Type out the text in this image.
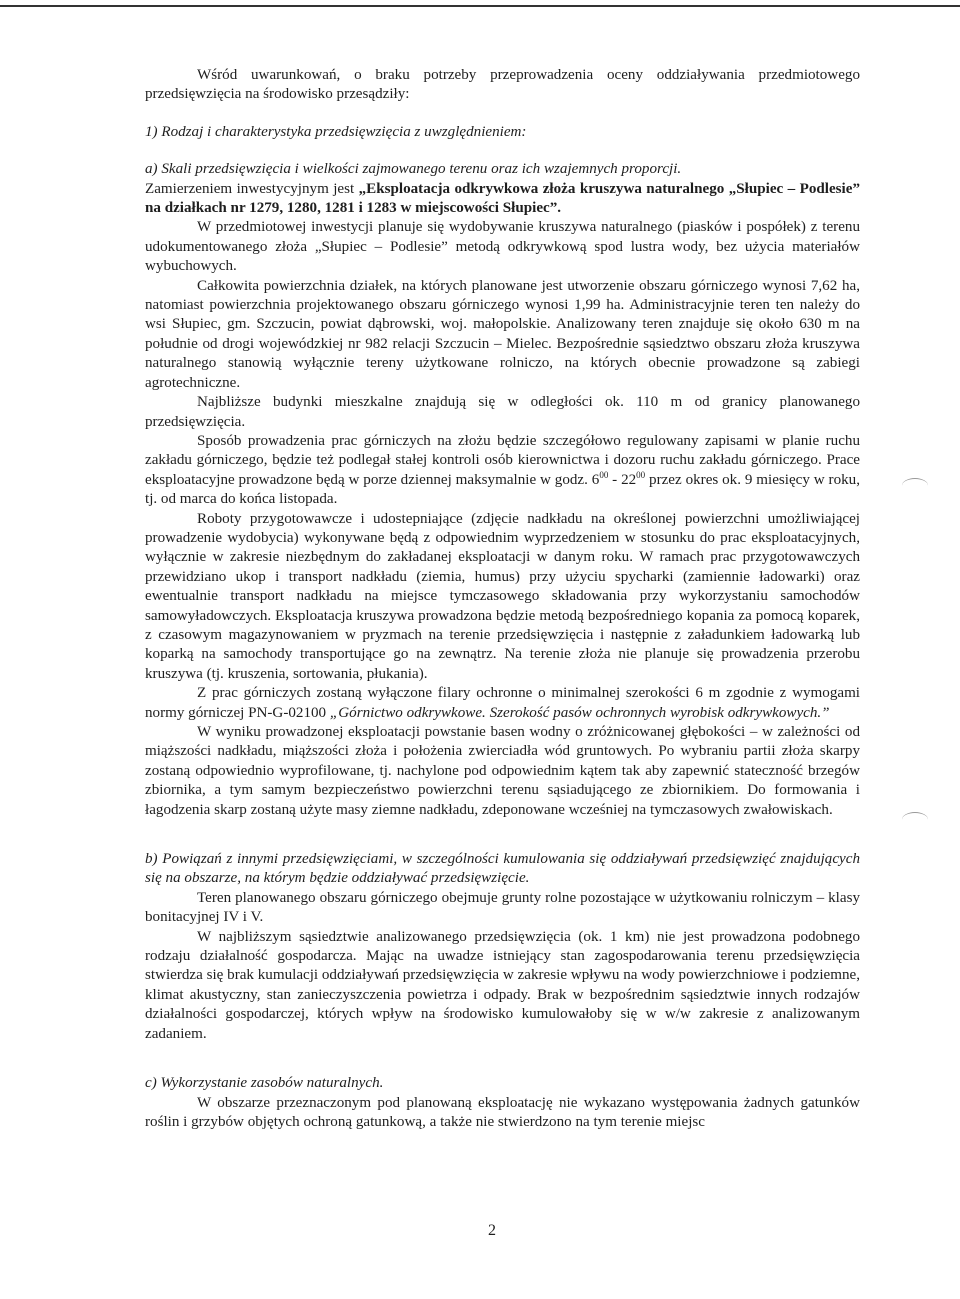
Wśród uwarunkowań, o braku potrzeby przeprowadzenia oceny oddziaływania przedmiotowego przedsięwzięcia na środowisko przesądziły:

1) Rodzaj i charakterystyka przedsięwzięcia z uwzględnieniem:

a) Skali przedsięwzięcia i wielkości zajmowanego terenu oraz ich wzajemnych proporcji.

Zamierzeniem inwestycyjnym jest „Eksploatacja odkrywkowa złoża kruszywa naturalnego „Słupiec – Podlesie” na działkach nr 1279, 1280, 1281 i 1283 w miejscowości Słupiec”.

W przedmiotowej inwestycji planuje się wydobywanie kruszywa naturalnego (piasków i pospółek) z terenu udokumentowanego złoża „Słupiec – Podlesie” metodą odkrywkową spod lustra wody, bez użycia materiałów wybuchowych.

Całkowita powierzchnia działek, na których planowane jest utworzenie obszaru górniczego wynosi 7,62 ha, natomiast powierzchnia projektowanego obszaru górniczego wynosi 1,99 ha. Administracyjnie teren ten należy do wsi Słupiec, gm. Szczucin, powiat dąbrowski, woj. małopolskie. Analizowany teren znajduje się około 630 m na południe od drogi wojewódzkiej nr 982 relacji Szczucin – Mielec. Bezpośrednie sąsiedztwo obszaru złoża kruszywa naturalnego stanowią wyłącznie tereny użytkowane rolniczo, na których obecnie prowadzone są zabiegi agrotechniczne.

Najbliższe budynki mieszkalne znajdują się w odległości ok. 110 m od granicy planowanego przedsięwzięcia.

Sposób prowadzenia prac górniczych na złożu będzie szczegółowo regulowany zapisami w planie ruchu zakładu górniczego, będzie też podlegał stałej kontroli osób kierownictwa i dozoru ruchu zakładu górniczego. Prace eksploatacyjne prowadzone będą w porze dziennej maksymalnie w godz. $6^{00} - 22^{00}$ przez okres ok. 9 miesięcy w roku, tj. od marca do końca listopada.

Roboty przygotowawcze i udostepniające (zdjęcie nadkładu na określonej powierzchni umożliwiającej prowadzenie wydobycia) wykonywane będą z odpowiednim wyprzedzeniem w stosunku do prac eksploatacyjnych, wyłącznie w zakresie niezbędnym do zakładanej eksploatacji w danym roku. W ramach prac przygotowawczych przewidziano ukop i transport nadkładu (ziemia, humus) przy użyciu spycharki (zamiennie ładowarki) oraz ewentualnie transport nadkładu na miejsce tymczasowego składowania przy wykorzystaniu samochodów samowyładowczych. Eksploatacja kruszywa prowadzona będzie metodą bezpośredniego kopania za pomocą koparek, z czasowym magazynowaniem w pryzmach na terenie przedsięwzięcia i następnie z załadunkiem ładowarką lub koparką na samochody transportujące go na zewnątrz. Na terenie złoża nie planuje się prowadzenia przerobu kruszywa (tj. kruszenia, sortowania, płukania).

Z prac górniczych zostaną wyłączone filary ochronne o minimalnej szerokości 6 m zgodnie z wymogami normy górniczej PN-G-02100 „Górnictwo odkrywkowe. Szerokość pasów ochronnych wyrobisk odkrywkowych.”

W wyniku prowadzonej eksploatacji powstanie basen wodny o zróżnicowanej głębokości – w zależności od miąższości nadkładu, miąższości złoża i położenia zwierciadła wód gruntowych. Po wybraniu partii złoża skarpy zostaną odpowiednio wyprofilowane, tj. nachylone pod odpowiednim kątem tak aby zapewnić stateczność brzegów zbiornika, a tym samym bezpieczeństwo powierzchni terenu sąsiadującego ze zbiornikiem. Do formowania i łagodzenia skarp zostaną użyte masy ziemne nadkładu, zdeponowane wcześniej na tymczasowych zwałowiskach.

b) Powiązań z innymi przedsięwzięciami, w szczególności kumulowania się oddziaływań przedsięwzięć znajdujących się na obszarze, na którym będzie oddziaływać przedsięwzięcie.

Teren planowanego obszaru górniczego obejmuje grunty rolne pozostające w użytkowaniu rolniczym – klasy bonitacyjnej IV i V.

W najbliższym sąsiedztwie analizowanego przedsięwzięcia (ok. 1 km) nie jest prowadzona podobnego rodzaju działalność gospodarcza. Mając na uwadze istniejący stan zagospodarowania terenu przedsięwzięcia stwierdza się brak kumulacji oddziaływań przedsięwzięcia w zakresie wpływu na wody powierzchniowe i podziemne, klimat akustyczny, stan zanieczyszczenia powietrza i odpady. Brak w bezpośrednim sąsiedztwie innych rodzajów działalności gospodarczej, których wpływ na środowisko kumulowałoby się w w/w zakresie z analizowanym zadaniem.

c) Wykorzystanie zasobów naturalnych.

W obszarze przeznaczonym pod planowaną eksploatację nie wykazano występowania żadnych gatunków roślin i grzybów objętych ochroną gatunkową, a także nie stwierdzono na tym terenie miejsc

2
